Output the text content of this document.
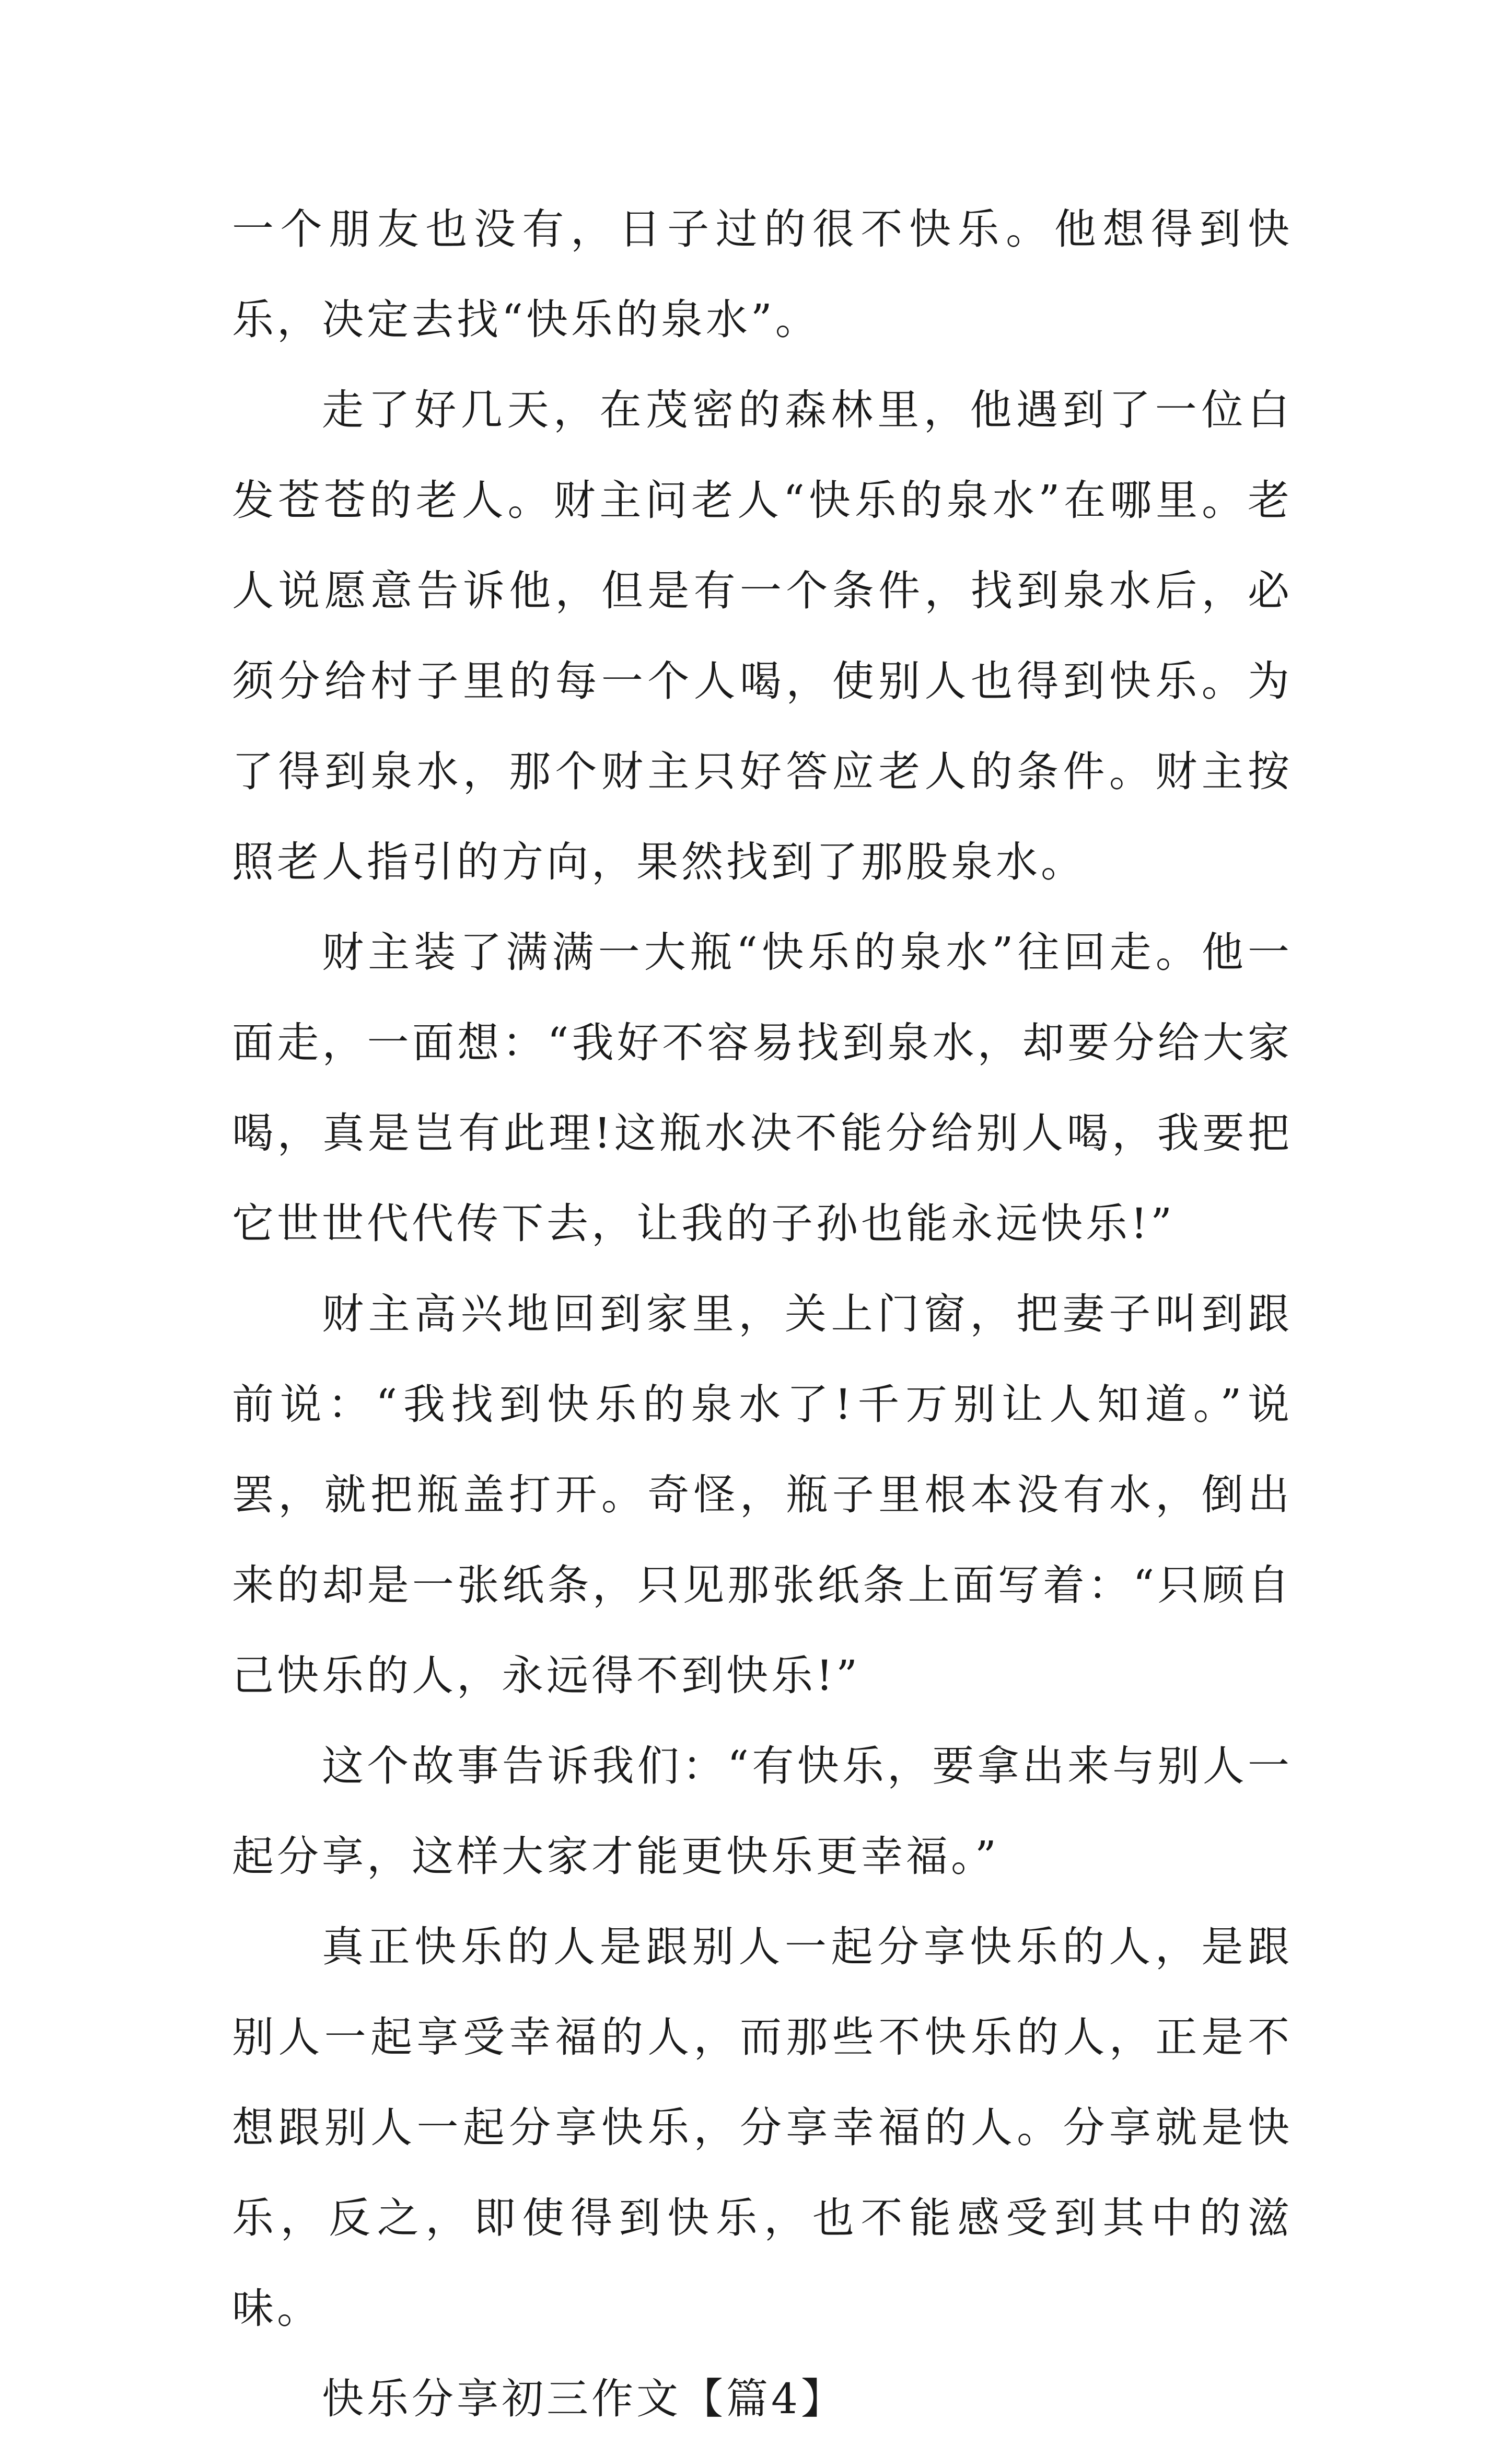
一个朋友也没有，日子过的很不快乐。他想得到快乐，决定去找“快乐的泉水”。

走了好几天，在茂密的森林里，他遇到了一位白发苍苍的老人。财主问老人“快乐的泉水”在哪里。老人说愿意告诉他，但是有一个条件，找到泉水后，必须分给村子里的每一个人喝，使别人也得到快乐。为了得到泉水，那个财主只好答应老人的条件。财主按照老人指引的方向，果然找到了那股泉水。

财主装了满满一大瓶“快乐的泉水”往回走。他一面走，一面想：“我好不容易找到泉水，却要分给大家喝，真是岂有此理!这瓶水决不能分给别人喝，我要把它世世代代传下去，让我的子孙也能永远快乐!”

财主高兴地回到家里，关上门窗，把妻子叫到跟前说：“我找到快乐的泉水了!千万别让人知道。”说罢，就把瓶盖打开。奇怪，瓶子里根本没有水，倒出来的却是一张纸条，只见那张纸条上面写着：“只顾自己快乐的人，永远得不到快乐!”

这个故事告诉我们：“有快乐，要拿出来与别人一起分享，这样大家才能更快乐更幸福。”

真正快乐的人是跟别人一起分享快乐的人，是跟别人一起享受幸福的人，而那些不快乐的人，正是不想跟别人一起分享快乐，分享幸福的人。分享就是快乐，反之，即使得到快乐，也不能感受到其中的滋味。

快乐分享初三作文【篇4】
